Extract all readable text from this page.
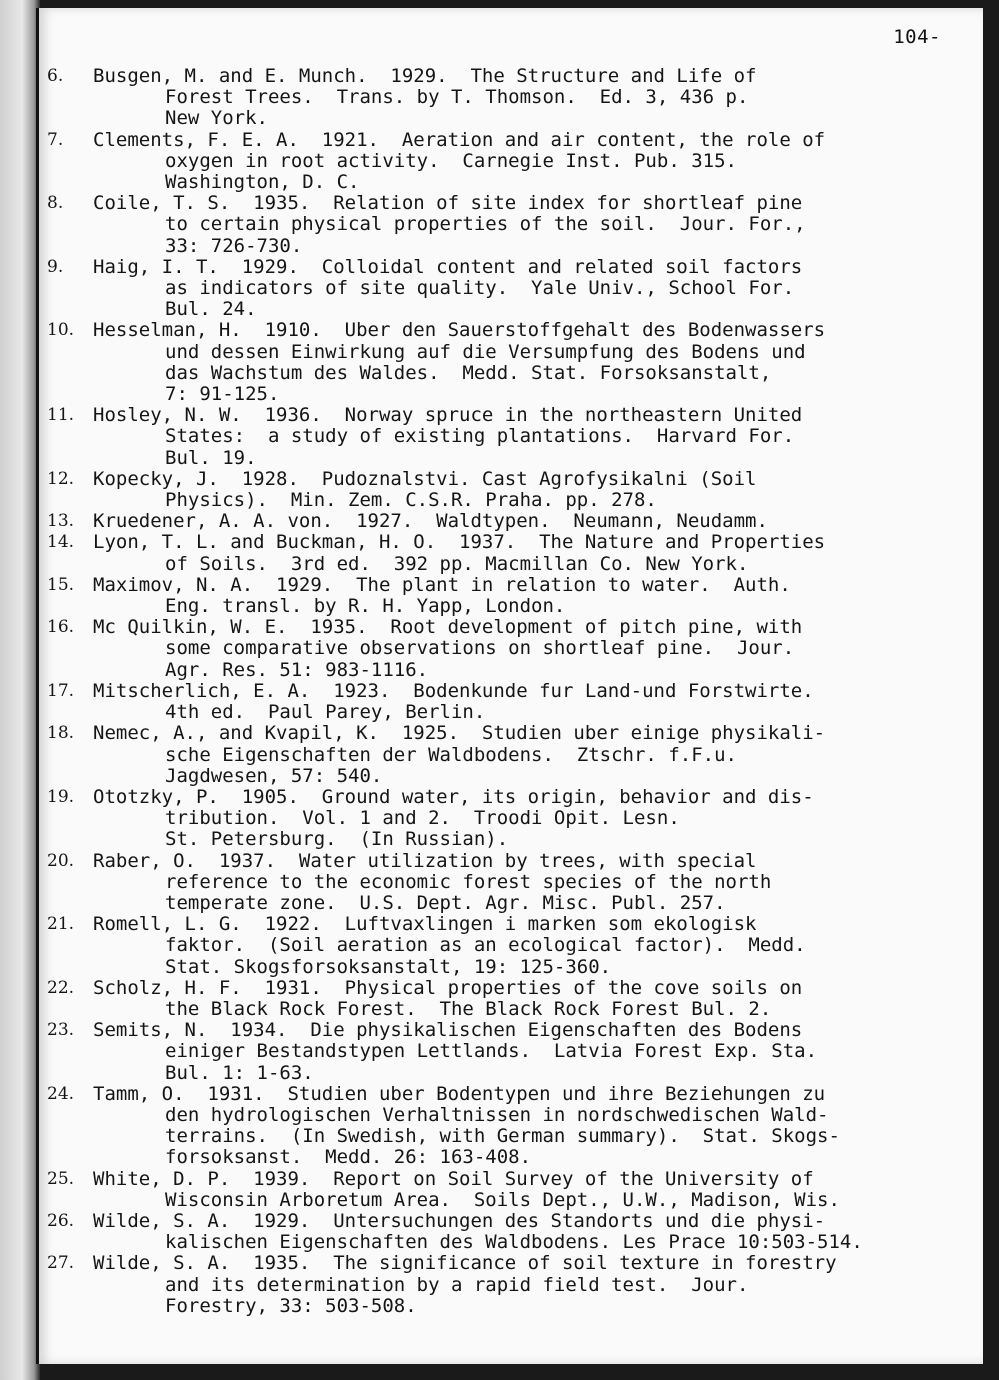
104-
6.	Busgen, M. and E. Munch.  1929.  The Structure and Life of
Forest Trees.  Trans. by T. Thomson.  Ed. 3, 436 p.
New York.
7.	Clements, F. E. A.  1921.  Aeration and air content, the role of
oxygen in root activity.  Carnegie Inst. Pub. 315.
Washington, D. C.
8.	Coile, T. S.  1935.  Relation of site index for shortleaf pine
to certain physical properties of the soil.  Jour. For.,
33: 726-730.
9.	Haig, I. T.  1929.  Colloidal content and related soil factors
as indicators of site quality.  Yale Univ., School For.
Bul. 24.
10. Hesselman, H.  1910.  Uber den Sauerstoffgehalt des Bodenwassers
und dessen Einwirkung auf die Versumpfung des Bodens und
das Wachstum des Waldes.  Medd. Stat. Forsoksanstalt,
7: 91-125.
11. Hosley, N. W.  1936.  Norway spruce in the northeastern United
States:  a study of existing plantations.  Harvard For.
Bul. 19.
12. Kopecky, J.  1928.  Pudoznalstvi. Cast Agrofysikalni (Soil
Physics).  Min. Zem. C.S.R. Praha. pp. 278.
13. Kruedener, A. A. von.  1927.  Waldtypen.  Neumann, Neudamm.
14. Lyon, T. L. and Buckman, H. O.  1937.  The Nature and Properties
of Soils.  3rd ed.  392 pp. Macmillan Co. New York.
15. Maximov, N. A.  1929.  The plant in relation to water.  Auth.
Eng. transl. by R. H. Yapp, London.
16. Mc Quilkin, W. E.  1935.  Root development of pitch pine, with
some comparative observations on shortleaf pine.  Jour.
Agr. Res. 51: 983-1116.
17. Mitscherlich, E. A.  1923.  Bodenkunde fur Land-und Forstwirte.
4th ed.  Paul Parey, Berlin.
18. Nemec, A., and Kvapil, K.  1925.  Studien uber einige physikali-
sche Eigenschaften der Waldbodens.  Ztschr. f.F.u.
Jagdwesen, 57: 540.
19. Ototzky, P.  1905.  Ground water, its origin, behavior and dis-
tribution.  Vol. 1 and 2.  Troodi Opit. Lesn.
St. Petersburg.  (In Russian).
20. Raber, O.  1937.  Water utilization by trees, with special
reference to the economic forest species of the north
temperate zone.  U.S. Dept. Agr. Misc. Publ. 257.
21. Romell, L. G.  1922.  Luftvaxlingen i marken som ekologisk
faktor.  (Soil aeration as an ecological factor).  Medd.
Stat. Skogsforsoksanstalt, 19: 125-360.
22. Scholz, H. F.  1931.  Physical properties of the cove soils on
the Black Rock Forest.  The Black Rock Forest Bul. 2.
23. Semits, N.  1934.  Die physikalischen Eigenschaften des Bodens
einiger Bestandstypen Lettlands.  Latvia Forest Exp. Sta.
Bul. 1: 1-63.
24. Tamm, O.  1931.  Studien uber Bodentypen und ihre Beziehungen zu
den hydrologischen Verhaltnissen in nordschwedischen Wald-
terrains.  (In Swedish, with German summary).  Stat. Skogs-
forsoksanst.  Medd. 26: 163-408.
25. White, D. P.  1939.  Report on Soil Survey of the University of
Wisconsin Arboretum Area.  Soils Dept., U.W., Madison, Wis.
26. Wilde, S. A.  1929.  Untersuchungen des Standorts und die physi-
kalischen Eigenschaften des Waldbodens. Les Prace 10:503-514.
27. Wilde, S. A.  1935.  The significance of soil texture in forestry
and its determination by a rapid field test.  Jour.
Forestry, 33: 503-508.
